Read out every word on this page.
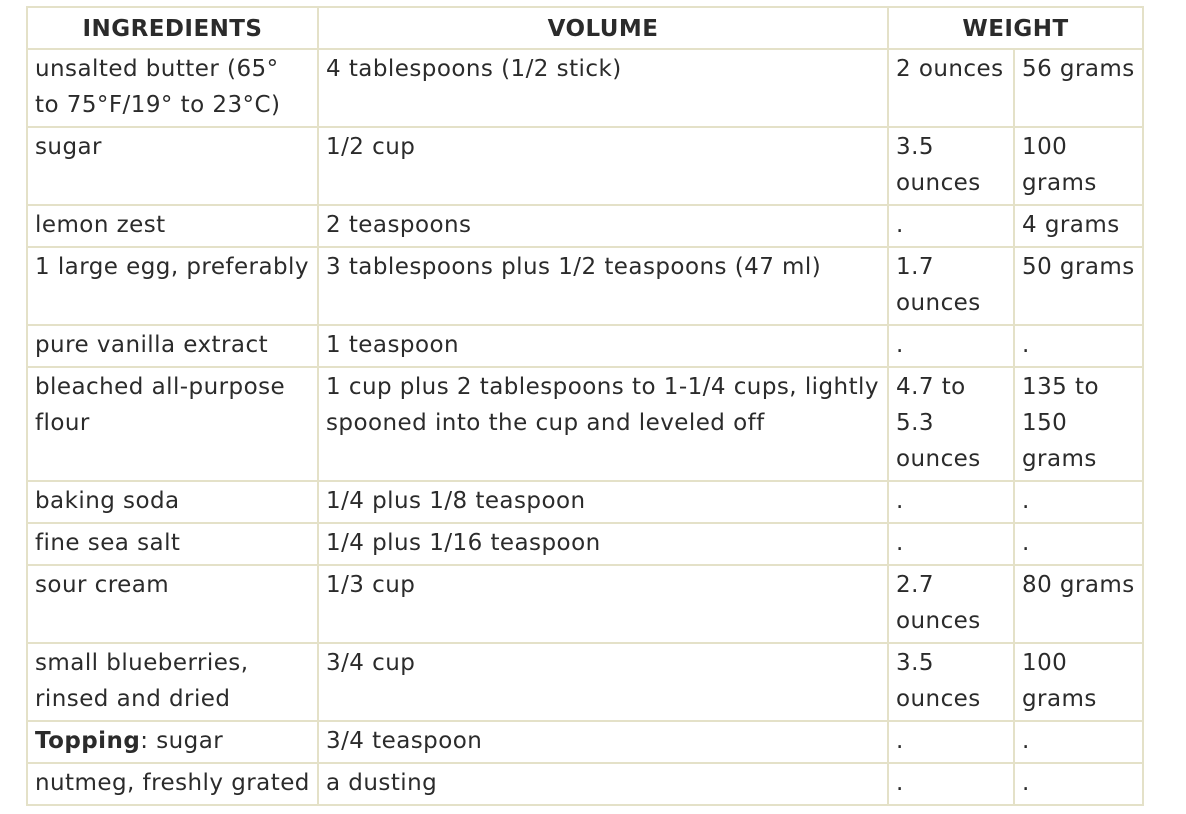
INGREDIENTS	VOLUME	WEIGHT	
unsalted butter (65° to 75°F/19° to 23°C)	4 tablespoons (1/2 stick)	2 ounces	56 grams
sugar	1/2 cup	3.5 ounces	100 grams
lemon zest	2 teaspoons	.	4 grams
1 large egg, preferably	3 tablespoons plus 1/2 teaspoons (47 ml)	1.7 ounces	50 grams
pure vanilla extract	1 teaspoon	.	.
bleached all-purpose flour	1 cup plus 2 tablespoons to 1-1/4 cups, lightly spooned into the cup and leveled off	4.7 to 5.3 ounces	135 to 150 grams
baking soda	1/4 plus 1/8 teaspoon	.	.
fine sea salt	1/4 plus 1/16 teaspoon	.	.
sour cream	1/3 cup	2.7 ounces	80 grams
small blueberries, rinsed and dried	3/4 cup	3.5 ounces	100 grams
Topping: sugar	3/4 teaspoon	.	.
nutmeg, freshly grated	a dusting	.	.
